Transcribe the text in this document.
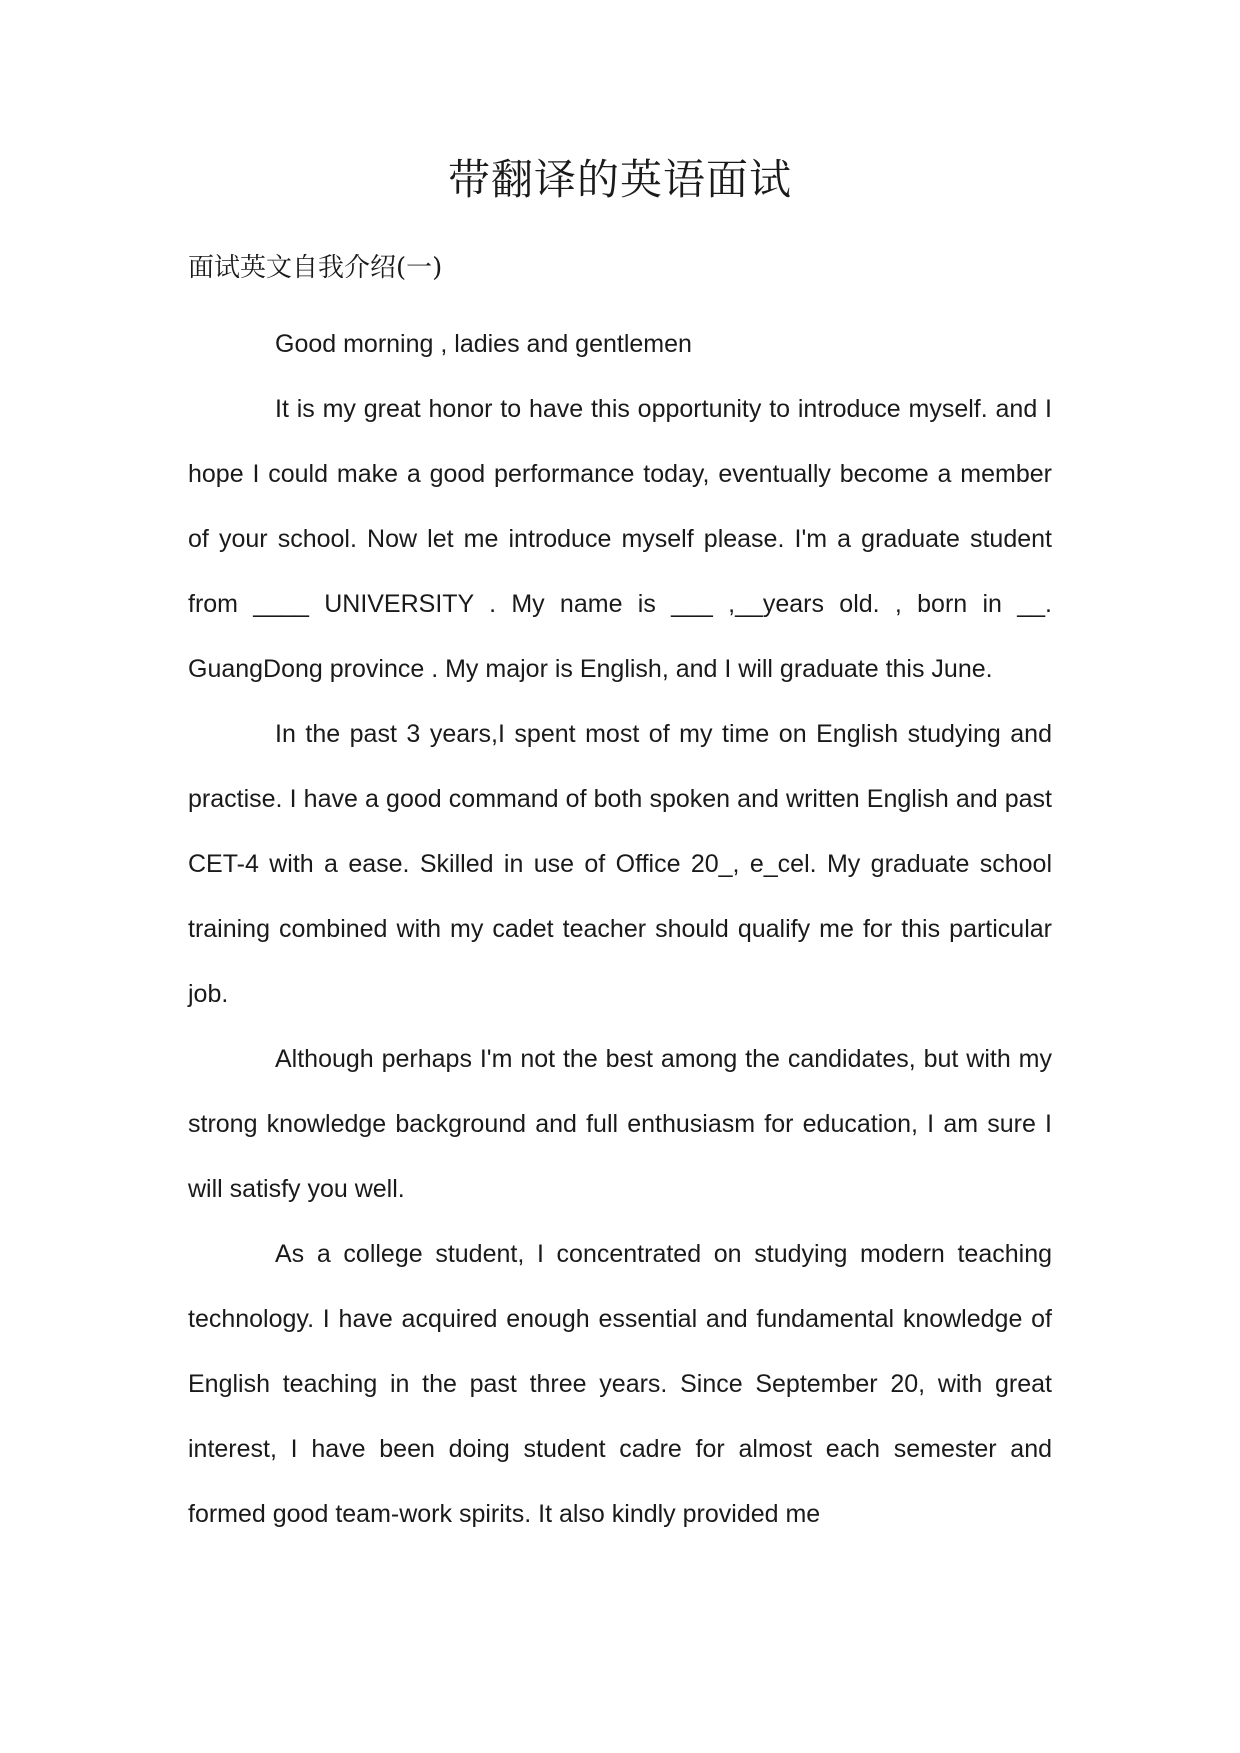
带翻译的英语面试
面试英文自我介绍(一)

Good morning , ladies and gentlemen

It is my great honor to have this opportunity to introduce myself. and I hope I could make a good performance today, eventually become a member of your school. Now let me introduce myself please. I'm a graduate student from ____ UNIVERSITY . My name is ___ ,__years old. , born in __. GuangDong province . My major is English, and I will graduate this June.

In the past 3 years,I spent most of my time on English studying and practise. I have a good command of both spoken and written English and past CET-4 with a ease. Skilled in use of Office 20_, e_cel. My graduate school training combined with my cadet teacher should qualify me for this particular job.

Although perhaps I'm not the best among the candidates, but with my strong knowledge background and full enthusiasm for education, I am sure I will satisfy you well.

As a college student, I concentrated on studying modern teaching technology. I have acquired enough essential and fundamental knowledge of English teaching in the past three years. Since September 20, with great interest, I have been doing student cadre for almost each semester and formed good team-work spirits. It also kindly provided me
